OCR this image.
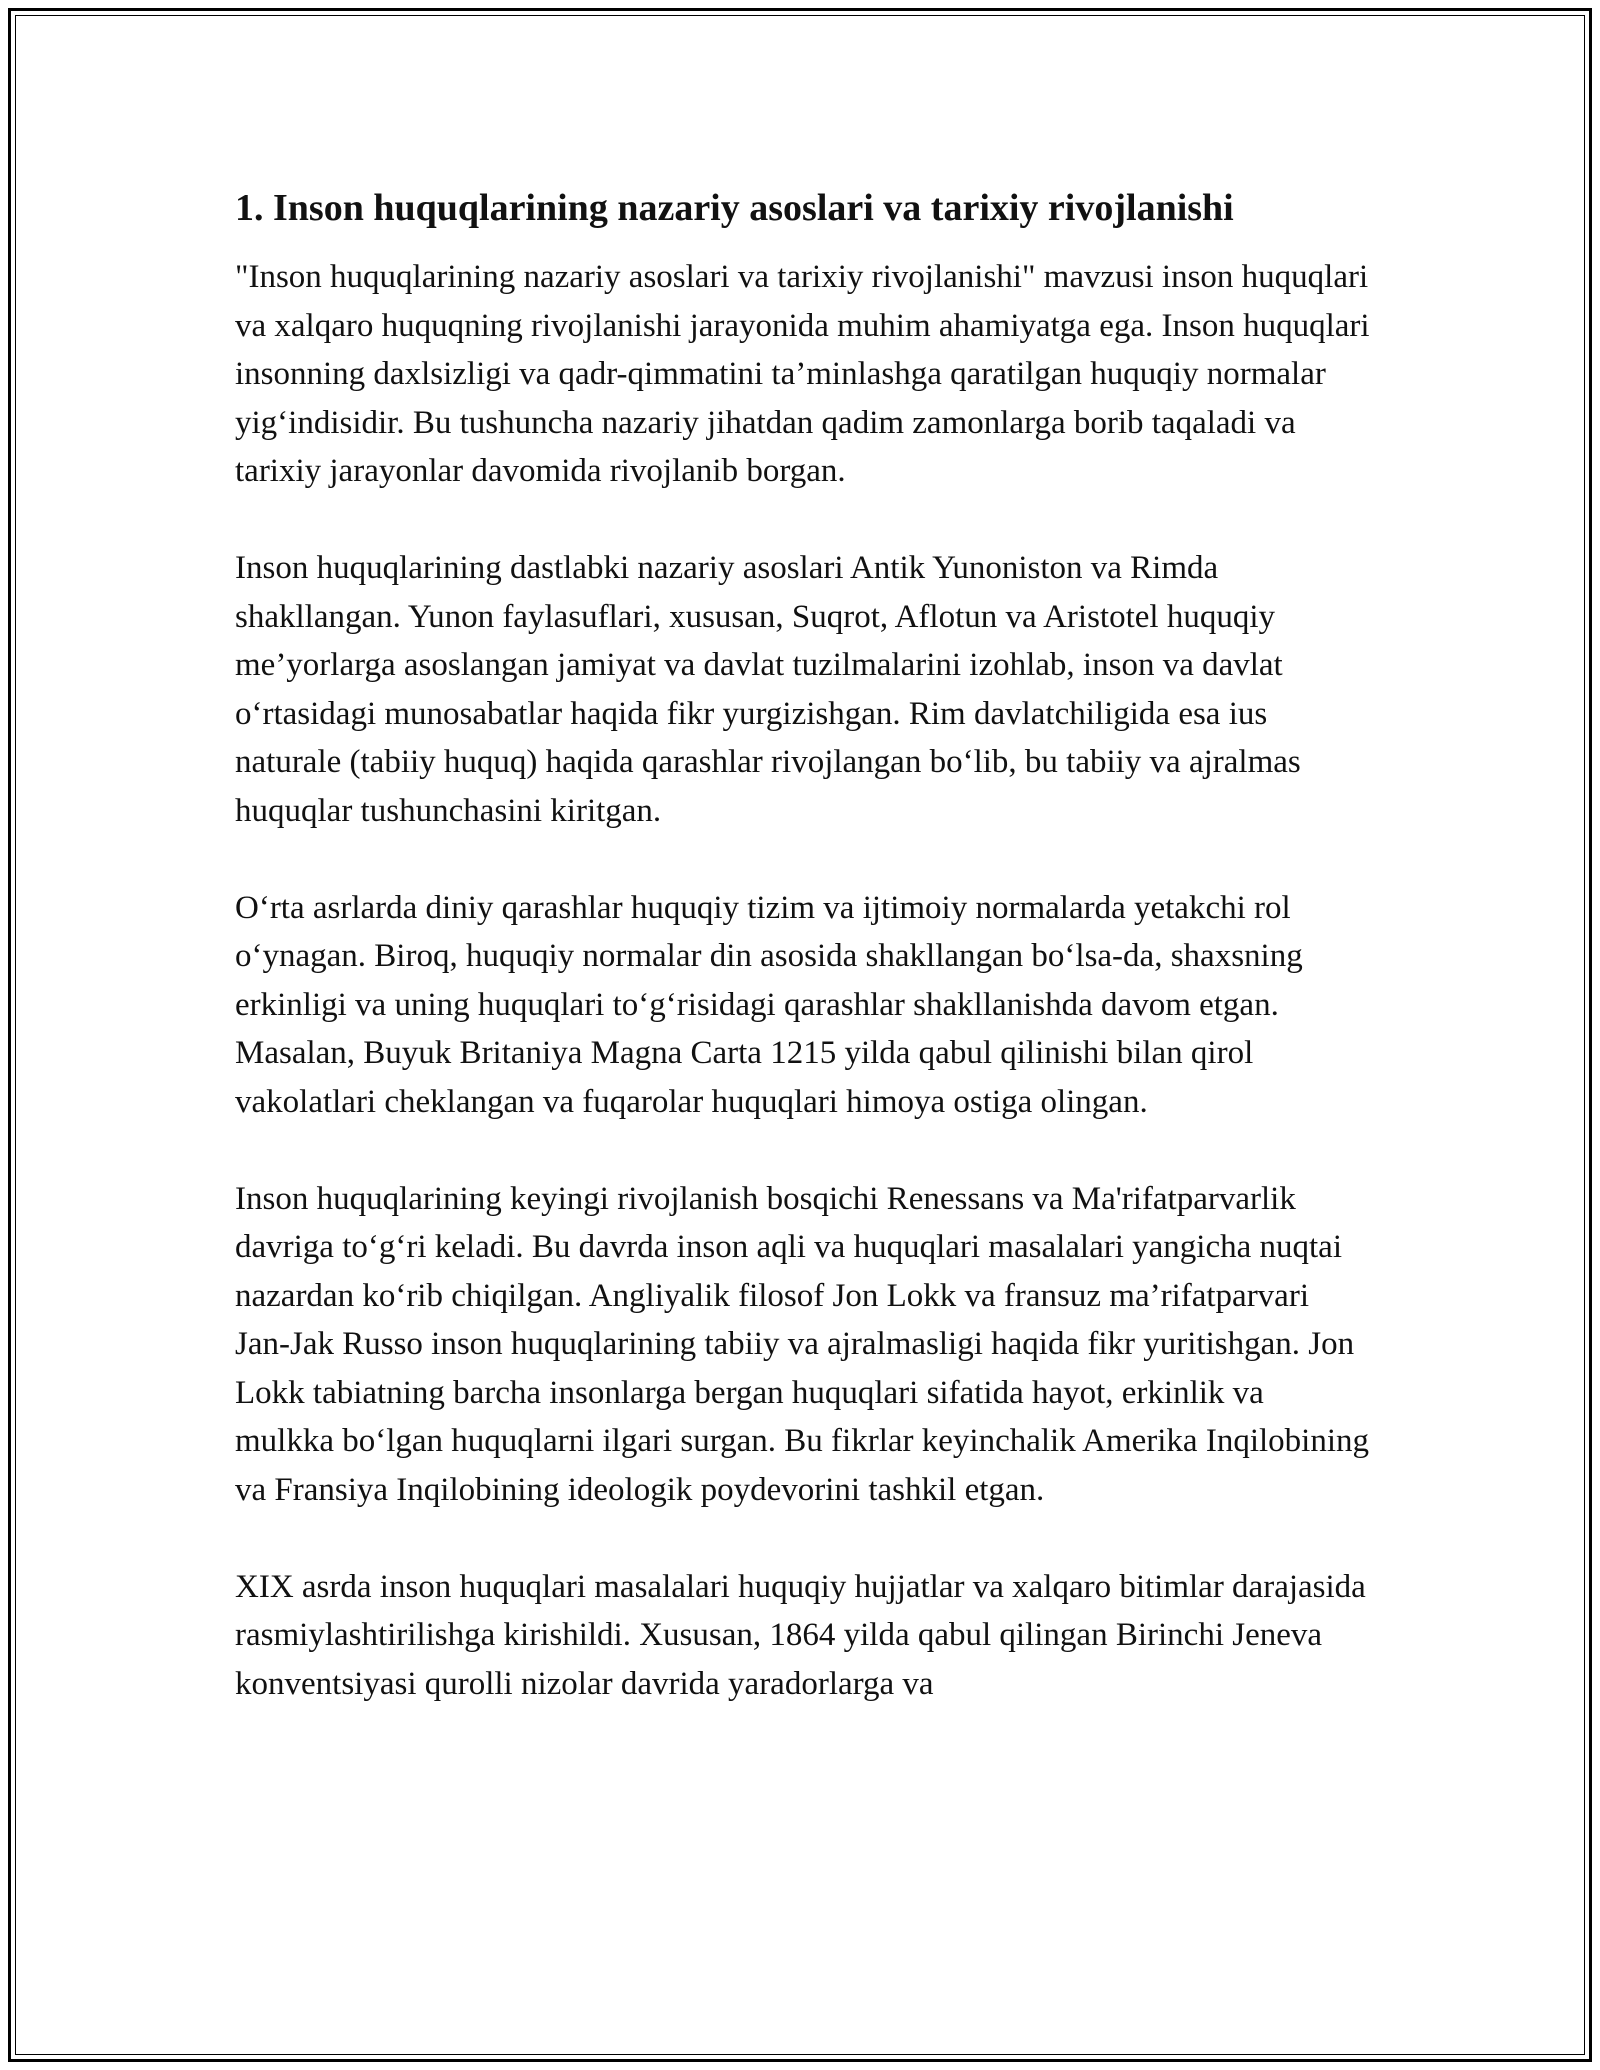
1. Inson huquqlarining nazariy asoslari va tarixiy rivojlanishi

"Inson huquqlarining nazariy asoslari va tarixiy rivojlanishi" mavzusi inson huquqlari va xalqaro huquqning rivojlanishi jarayonida muhim ahamiyatga ega. Inson huquqlari insonning daxlsizligi va qadr-qimmatini ta’minlashga qaratilgan huquqiy normalar yig‘indisidir. Bu tushuncha nazariy jihatdan qadim zamonlarga borib taqaladi va tarixiy jarayonlar davomida rivojlanib borgan.

Inson huquqlarining dastlabki nazariy asoslari Antik Yunoniston va Rimda shakllangan. Yunon faylasuflari, xususan, Suqrot, Aflotun va Aristotel huquqiy me’yorlarga asoslangan jamiyat va davlat tuzilmalarini izohlab, inson va davlat o‘rtasidagi munosabatlar haqida fikr yurgizishgan. Rim davlatchiligida esa ius naturale (tabiiy huquq) haqida qarashlar rivojlangan bo‘lib, bu tabiiy va ajralmas huquqlar tushunchasini kiritgan.

O‘rta asrlarda diniy qarashlar huquqiy tizim va ijtimoiy normalarda yetakchi rol o‘ynagan. Biroq, huquqiy normalar din asosida shakllangan bo‘lsa-da, shaxsning erkinligi va uning huquqlari to‘g‘risidagi qarashlar shakllanishda davom etgan. Masalan, Buyuk Britaniya Magna Carta 1215 yilda qabul qilinishi bilan qirol vakolatlari cheklangan va fuqarolar huquqlari himoya ostiga olingan.

Inson huquqlarining keyingi rivojlanish bosqichi Renessans va Ma'rifatparvarlik davriga to‘g‘ri keladi. Bu davrda inson aqli va huquqlari masalalari yangicha nuqtai nazardan ko‘rib chiqilgan. Angliyalik filosof Jon Lokk va fransuz ma’rifatparvari Jan-Jak Russo inson huquqlarining tabiiy va ajralmasligi haqida fikr yuritishgan. Jon Lokk tabiatning barcha insonlarga bergan huquqlari sifatida hayot, erkinlik va mulkka bo‘lgan huquqlarni ilgari surgan. Bu fikrlar keyinchalik Amerika Inqilobining va Fransiya Inqilobining ideologik poydevorini tashkil etgan.

XIX asrda inson huquqlari masalalari huquqiy hujjatlar va xalqaro bitimlar darajasida rasmiylashtirilishga kirishildi. Xususan, 1864 yilda qabul qilingan Birinchi Jeneva konventsiyasi qurolli nizolar davrida yaradorlarga va
